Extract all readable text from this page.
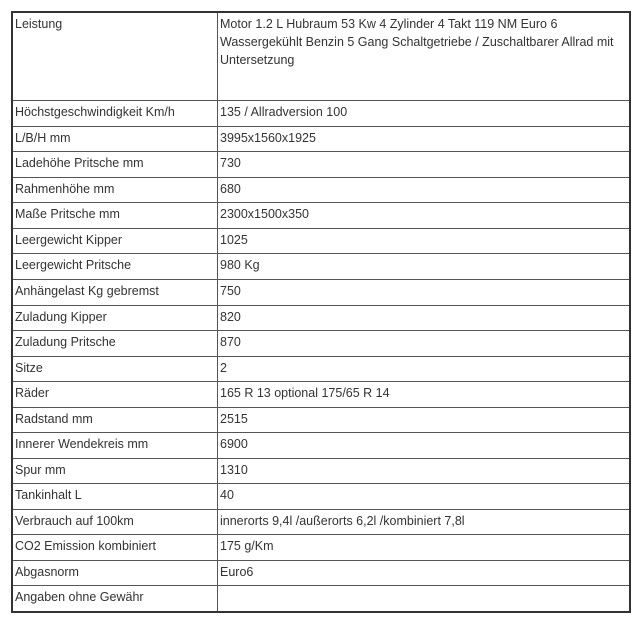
Leistung	Motor 1.2 L Hubraum 53 Kw 4 Zylinder 4 Takt 119 NM Euro 6 Wassergekühlt Benzin 5 Gang Schaltgetriebe / Zuschaltbarer Allrad mit Untersetzung
Höchstgeschwindigkeit Km/h	135 / Allradversion 100
L/B/H mm	3995x1560x1925
Ladehöhe Pritsche mm	730
Rahmenhöhe mm	680
Maße Pritsche mm	2300x1500x350
Leergewicht Kipper	1025
Leergewicht Pritsche	980 Kg
Anhängelast Kg gebremst	750
Zuladung Kipper	820
Zuladung Pritsche	870
Sitze	2
Räder	165 R 13 optional 175/65 R 14
Radstand mm	2515
Innerer Wendekreis mm	6900
Spur mm	1310
Tankinhalt L	40
Verbrauch auf 100km	innerorts 9,4l /außerorts 6,2l /kombiniert 7,8l
CO2 Emission kombiniert	175 g/Km
Abgasnorm	Euro6
Angaben ohne Gewähr	
